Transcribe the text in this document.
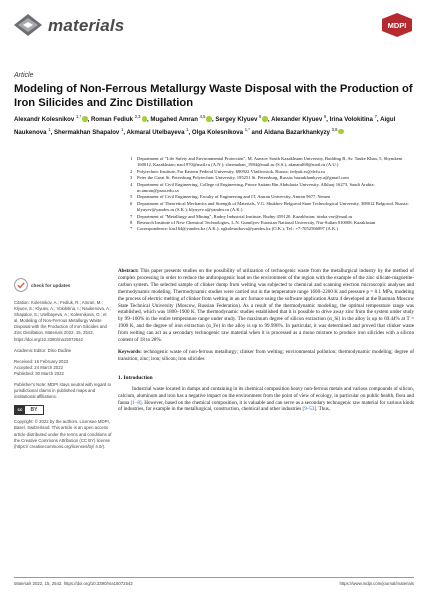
materials	MDPI
Article
Modeling of Non-Ferrous Metallurgy Waste Disposal with the Production of Iron Silicides and Zinc Distillation
Alexandr Kolesnikov $^{1,*}$ , Roman Fediuk $^{2,3}$ , Mugahed Amran $^{4,5}$ , Sergey Klyuev $^6$ , Alexander Klyuev $^6$, Irina Volokitina $^7$, Aigul Naukenova $^1$, Shermakhan Shapalov $^1$, Akmaral Utelbayeva $^1$, Olga Kolesnikova $^{1,*}$ and Aidana Bazarkhankyzy $^{3,8}$
1	Department of "Life Safety and Environmental Protection", M. Auezov South Kazakhstan University, Building B, Av. Tauke Khan, 5, Shymkent 160012, Kazakhstan; nau1970@mail.ru (A.N.); shermahan_1984@mail.ru (S.S.); akmaral68@mail.ru (A.U.)
2	Polytechnic Institute, Far Eastern Federal University, 690922 Vladivostok, Russia; fedyuk.rs@dvfu.ru
3	Peter the Great St. Petersburg Polytechnic University, 195251 St. Petersburg, Russia; bazarkhankyzy.a@gmail.com
4	Department of Civil Engineering, College of Engineering, Prince Sattam Bin Abdulaziz University, Alkharj 16273, Saudi Arabia; m.amran@psau.edu.sa
5	Department of Civil Engineering, Faculty of Engineering and IT, Amran University, Amran 9677, Yemen
6	Department of Theoretical Mechanics and Strength of Materials, V.G. Shukhov Belgorod State Technological University, 308012 Belgorod, Russia; klyuyev@yandex.ru (S.K.); klyuyev.a@yandex.ru (A.K.)
7	Department of "Metallurgy and Mining", Rudny Industrial Institute, Rudny 459120, Kazakhstan; irinka.vav@mail.ru
8	Research Institute of New Chemical Technologies, L.N. Gumilyov Eurasian National University, Nur-Sultan 010008, Kazakhstan
*	Correspondence: kas164@yandex.kz (A.K.); ogkolesnikova@yandex.kz (O.K.); Tel.: +7-7052566897 (A.K.)
check for updates
Citation: Kolesnikov, A.; Fediuk, R.; Amran, M.; Klyuev, S.; Klyuev, A.; Volokitina, I.; Naukenova, A.; Shapalov, S.; Utelbayeva, A.; Kolesnikova, O.; et al. Modeling of Non-Ferrous Metallurgy Waste Disposal with the Production of Iron Silicides and Zinc Distillation. Materials 2022, 15, 2542. https://doi.org/10.3390/ma15072542
Academic Editor: Dino Dudine
Received: 16 February 2022
Accepted: 24 March 2022
Published: 30 March 2022
Publisher's Note: MDPI stays neutral with regard to jurisdictional claims in published maps and institutional affiliations.
cc	BY
Copyright: © 2022 by the authors. Licensee MDPI, Basel, Switzerland. This article is an open access article distributed under the terms and conditions of the Creative Commons Attribution (CC BY) license (https:// creativecommons.org/licenses/by/ 4.0/).
Abstract: This paper presents studies on the possibility of utilization of technogenic waste from the metallurgical industry by the method of complex processing in order to reduce the anthropogenic load on the environment of the region with the example of the zinc silicate-magnetite-carbon system. The selected sample of clinker dump from welting was subjected to chemical and scanning electron microscopic analyses and thermodynamic modeling. Thermodynamic studies were carried out in the temperature range 1600–2200 K and pressure p = 0.1 MPa, modeling the process of electric melting of clinker from welting in an arc furnace using the software application Astra 4 developed at the Bauman Moscow State Technical University (Moscow, Russian Federation). As a result of the thermodynamic modeling, the optimal temperature range was established, which was 1800–1900 K. The thermodynamic studies established that it is possible to drive away zinc from the system under study by 99–100% in the entire temperature range under study. The maximum degree of silicon extraction (α_Si) in the alloy is up to 69.44% at T = 1900 K, and the degree of iron extraction (α_Fe) in the alloy is up to 99.996%. In particular, it was determined and proved that clinker waste from welting can act as a secondary technogenic raw material when it is processed as a mono mixture to produce iron silicides with a silicon content of 18 to 28%.
Keywords: technogenic waste of non-ferrous metallurgy; clinker from welting; environmental pollution; thermodynamic modeling; degree of transition; zinc; iron; silicon; iron silicides
1. Introduction
Industrial waste located in dumps and containing in its chemical composition heavy non-ferrous metals and various compounds of silicon, calcium, aluminum and iron has a negative impact on the environment from the point of view of ecology, in particular on public health, flora and fauna [1–8]. However, based on the chemical composition, it is valuable and can serve as a secondary technogenic raw material for various kinds of industries, for example in the metallurgical, construction, chemical and other industries [9–53]. Thus,
Materials 2022, 15, 2542. https://doi.org/10.3390/ma15072542	https://www.mdpi.com/journal/materials
